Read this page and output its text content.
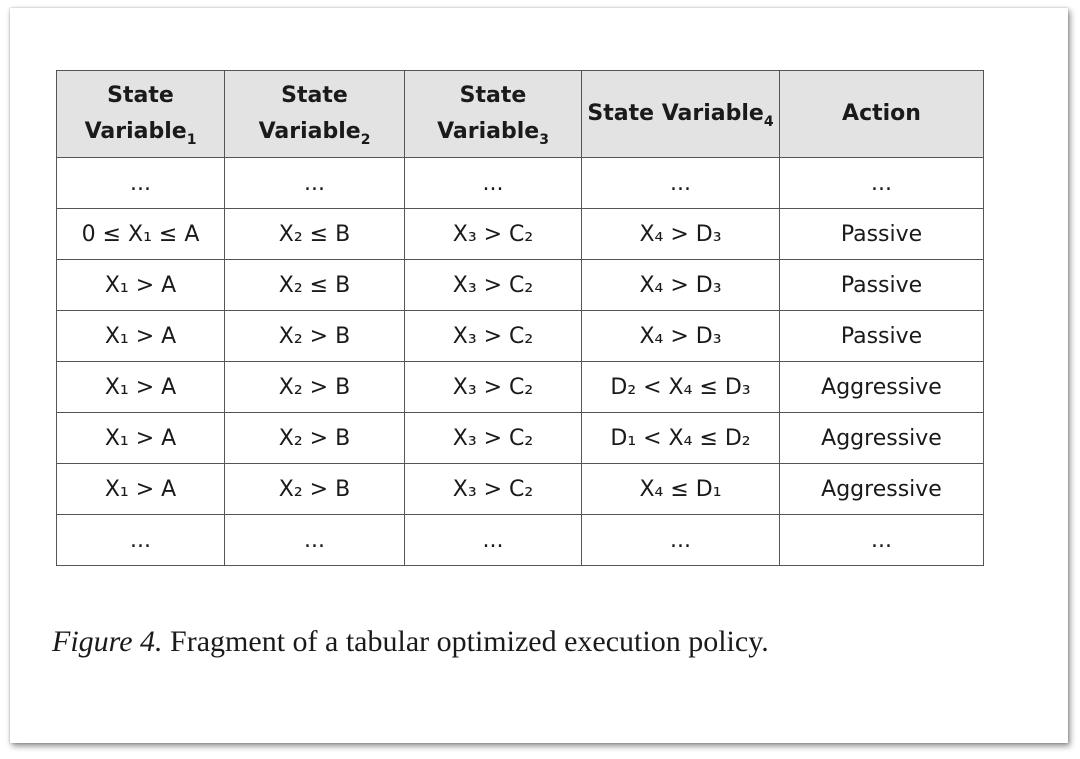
State Variable$_1$	State Variable$_2$	State Variable$_3$	State Variable$_4$	Action
...	...	...	...	...
0 ≤ X₁ ≤ A	X₂ ≤ B	X₃ > C₂	X₄ > D₃	Passive
X₁ > A	X₂ ≤ B	X₃ > C₂	X₄ > D₃	Passive
X₁ > A	X₂ > B	X₃ > C₂	X₄ > D₃	Passive
X₁ > A	X₂ > B	X₃ > C₂	D₂ < X₄ ≤ D₃	Aggressive
X₁ > A	X₂ > B	X₃ > C₂	D₁ < X₄ ≤ D₂	Aggressive
X₁ > A	X₂ > B	X₃ > C₂	X₄ ≤ D₁	Aggressive
...	...	...	...	...
Figure 4. Fragment of a tabular optimized execution policy.
